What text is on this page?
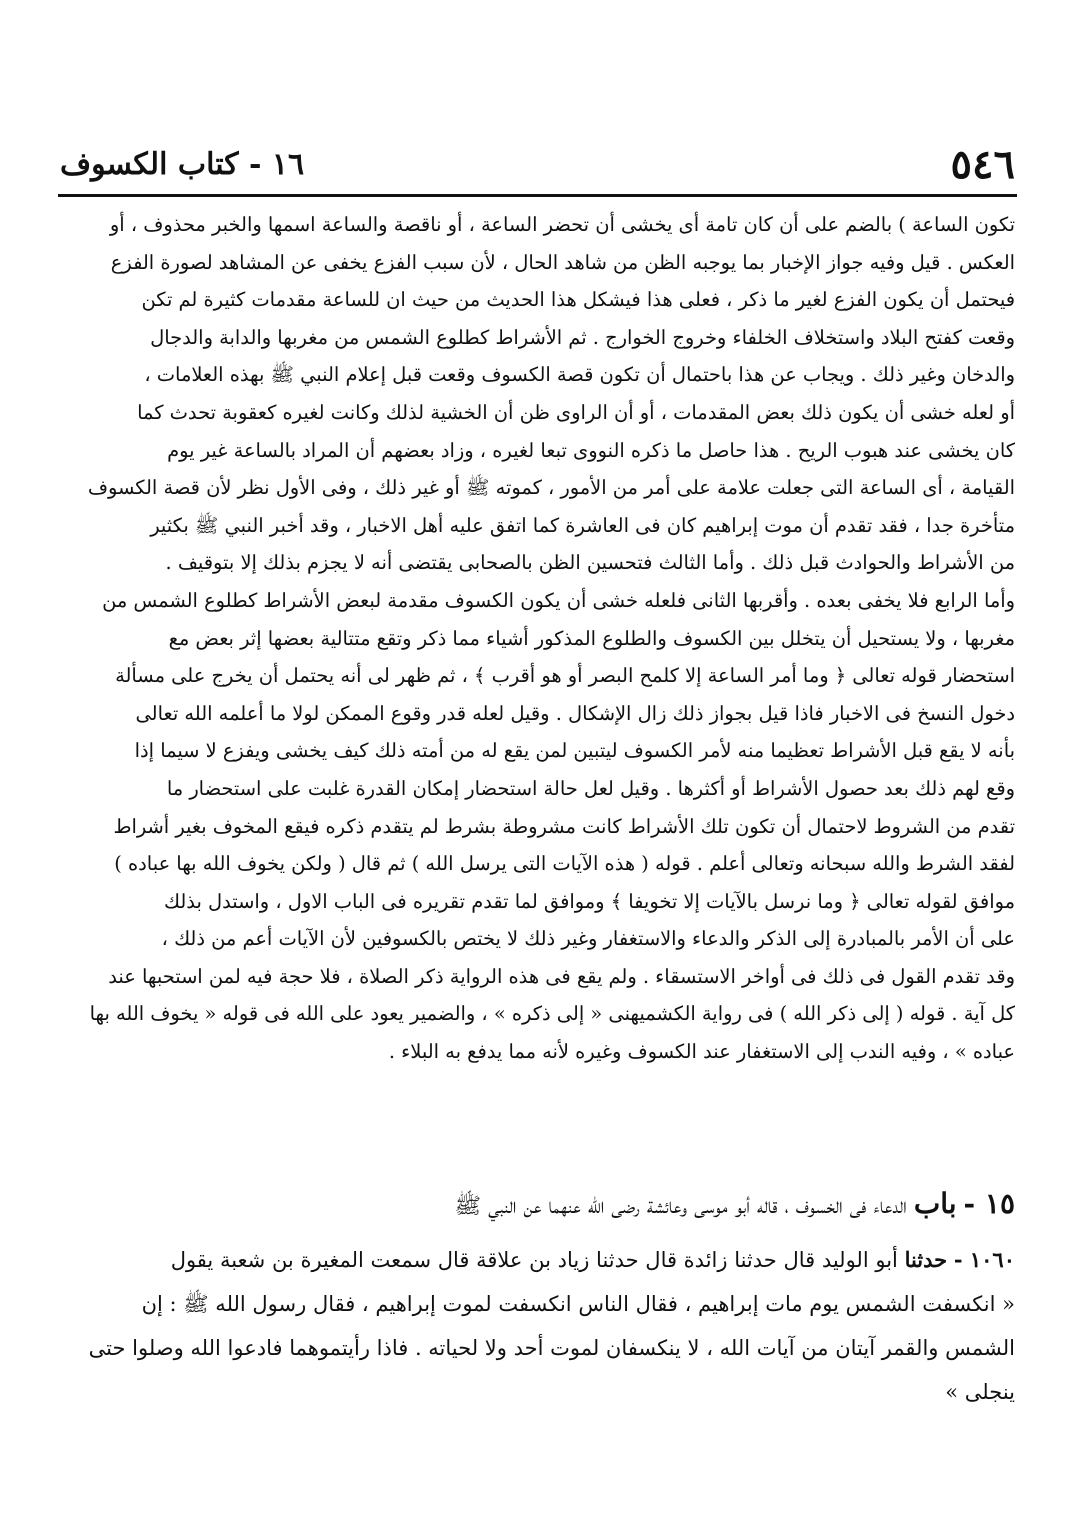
٥٤٦
١٦ - كتاب الكسوف
تكون الساعة ) بالضم على أن كان تامة أى يخشى أن تحضر الساعة ، أو ناقصة والساعة اسمها والخبر محذوف ، أو
العكس . قيل وفيه جواز الإخبار بما يوجبه الظن من شاهد الحال ، لأن سبب الفزع يخفى عن المشاهد لصورة الفزع
فيحتمل أن يكون الفزع لغير ما ذكر ، فعلى هذا فيشكل هذا الحديث من حيث ان للساعة مقدمات كثيرة لم تكن
وقعت كفتح البلاد واستخلاف الخلفاء وخروج الخوارج . ثم الأشراط كطلوع الشمس من مغربها والدابة والدجال
والدخان وغير ذلك . ويجاب عن هذا باحتمال أن تكون قصة الكسوف وقعت قبل إعلام النبي ﷺ بهذه العلامات ،
أو لعله خشى أن يكون ذلك بعض المقدمات ، أو أن الراوى ظن أن الخشية لذلك وكانت لغيره كعقوبة تحدث كما
كان يخشى عند هبوب الريح . هذا حاصل ما ذكره النووى تبعا لغيره ، وزاد بعضهم أن المراد بالساعة غير يوم
القيامة ، أى الساعة التى جعلت علامة على أمر من الأمور ، كموته ﷺ أو غير ذلك ، وفى الأول نظر لأن قصة الكسوف
متأخرة جدا ، فقد تقدم أن موت إبراهيم كان فى العاشرة كما اتفق عليه أهل الاخبار ، وقد أخبر النبي ﷺ بكثير
من الأشراط والحوادث قبل ذلك . وأما الثالث فتحسين الظن بالصحابى يقتضى أنه لا يجزم بذلك إلا بتوقيف .
وأما الرابع فلا يخفى بعده . وأقربها الثانى فلعله خشى أن يكون الكسوف مقدمة لبعض الأشراط كطلوع الشمس من
مغربها ، ولا يستحيل أن يتخلل بين الكسوف والطلوع المذكور أشياء مما ذكر وتقع متتالية بعضها إثر بعض مع
استحضار قوله تعالى ﴿ وما أمر الساعة إلا كلمح البصر أو هو أقرب ﴾ ، ثم ظهر لى أنه يحتمل أن يخرج على مسألة
دخول النسخ فى الاخبار فاذا قيل بجواز ذلك زال الإشكال . وقيل لعله قدر وقوع الممكن لولا ما أعلمه الله تعالى
بأنه لا يقع قبل الأشراط تعظيما منه لأمر الكسوف ليتبين لمن يقع له من أمته ذلك كيف يخشى ويفزع لا سيما إذا
وقع لهم ذلك بعد حصول الأشراط أو أكثرها . وقيل لعل حالة استحضار إمكان القدرة غلبت على استحضار ما
تقدم من الشروط لاحتمال أن تكون تلك الأشراط كانت مشروطة بشرط لم يتقدم ذكره فيقع المخوف بغير أشراط
لفقد الشرط والله سبحانه وتعالى أعلم . قوله ( هذه الآيات التى يرسل الله ) ثم قال ( ولكن يخوف الله بها عباده )
موافق لقوله تعالى ﴿ وما نرسل بالآيات إلا تخويفا ﴾ وموافق لما تقدم تقريره فى الباب الاول ، واستدل بذلك
على أن الأمر بالمبادرة إلى الذكر والدعاء والاستغفار وغير ذلك لا يختص بالكسوفين لأن الآيات أعم من ذلك ،
وقد تقدم القول فى ذلك فى أواخر الاستسقاء . ولم يقع فى هذه الرواية ذكر الصلاة ، فلا حجة فيه لمن استحبها عند
كل آية . قوله ( إلى ذكر الله ) فى رواية الكشميهنى « إلى ذكره » ، والضمير يعود على الله فى قوله « يخوف الله بها
عباده » ، وفيه الندب إلى الاستغفار عند الكسوف وغيره لأنه مما يدفع به البلاء .
١٥ - باب الدعاء فى الخسوف ، قاله أبو موسى وعائشة رضى الله عنهما عن النبي ﷺ
١٠٦٠ - حدثنا أبو الوليد قال حدثنا زائدة قال حدثنا زياد بن علاقة قال سمعت المغيرة بن شعبة يقول
« انكسفت الشمس يوم مات إبراهيم ، فقال الناس انكسفت لموت إبراهيم ، فقال رسول الله ﷺ : إن
الشمس والقمر آيتان من آيات الله ، لا ينكسفان لموت أحد ولا لحياته . فاذا رأيتموهما فادعوا الله وصلوا حتى
ينجلى »
